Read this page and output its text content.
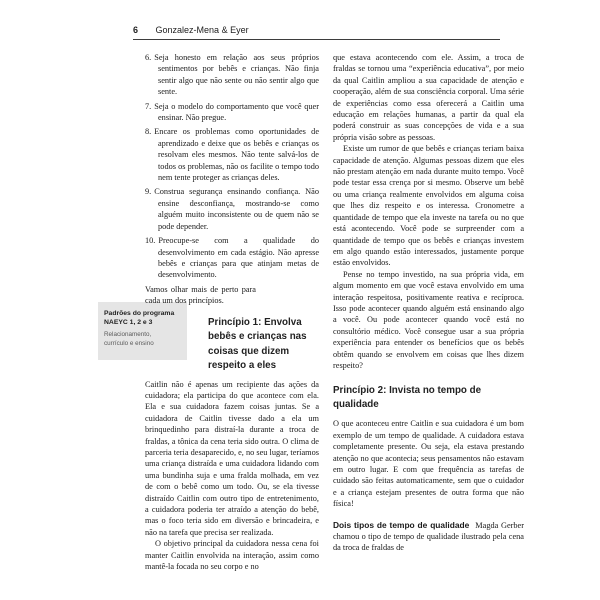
6 Gonzalez-Mena & Eyer
Padrões do programa NAEYC 1, 2 e 3
Relacionamento, currículo e ensino

6. Seja honesto em relação aos seus próprios sentimentos por bebês e crianças. Não finja sentir algo que não sente ou não sentir algo que sente.

7. Seja o modelo do comportamento que você quer ensinar. Não pregue.

8. Encare os problemas como oportunidades de aprendizado e deixe que os bebês e crianças os resolvam eles mesmos. Não tente salvá-los de todos os problemas, não os facilite o tempo todo nem tente proteger as crianças deles.

9. Construa segurança ensinando confiança. Não ensine desconfiança, mostrando-se como alguém muito inconsistente ou de quem não se pode depender.

10. Preocupe-se com a qualidade do desenvolvimento em cada estágio. Não apresse bebês e crianças para que atinjam metas de desenvolvimento.

Vamos olhar mais de perto para cada um dos princípios.

Princípio 1: Envolva bebês e crianças nas coisas que dizem respeito a eles

Caitlin não é apenas um recipiente das ações da cuidadora; ela participa do que acontece com ela. Ela e sua cuidadora fazem coisas juntas. Se a cuidadora de Caitlin tivesse dado a ela um brinquedinho para distraí-la durante a troca de fraldas, a tônica da cena teria sido outra. O clima de parceria teria desaparecido, e, no seu lugar, teríamos uma criança distraída e uma cuidadora lidando com uma bundinha suja e uma fralda molhada, em vez de com o bebê como um todo. Ou, se ela tivesse distraído Caitlin com outro tipo de entretenimento, a cuidadora poderia ter atraído a atenção do bebê, mas o foco teria sido em diversão e brincadeira, e não na tarefa que precisa ser realizada.

O objetivo principal da cuidadora nessa cena foi manter Caitlin envolvida na interação, assim como mantê-la focada no seu corpo e no

que estava acontecendo com ele. Assim, a troca de fraldas se tornou uma “experiência educativa”, por meio da qual Caitlin ampliou a sua capacidade de atenção e cooperação, além de sua consciência corporal. Uma série de experiências como essa oferecerá a Caitlin uma educação em relações humanas, a partir da qual ela poderá construir as suas concepções de vida e a sua própria visão sobre as pessoas.

Existe um rumor de que bebês e crianças teriam baixa capacidade de atenção. Algumas pessoas dizem que eles não prestam atenção em nada durante muito tempo. Você pode testar essa crença por si mesmo. Observe um bebê ou uma criança realmente envolvidos em alguma coisa que lhes diz respeito e os interessa. Cronometre a quantidade de tempo que ela investe na tarefa ou no que está acontecendo. Você pode se surpreender com a quantidade de tempo que os bebês e crianças investem em algo quando estão interessados, justamente porque estão envolvidos.

Pense no tempo investido, na sua própria vida, em algum momento em que você estava envolvido em uma interação respeitosa, positivamente reativa e recíproca. Isso pode acontecer quando alguém está ensinando algo a você. Ou pode acontecer quando você está no consultório médico. Você consegue usar a sua própria experiência para entender os benefícios que os bebês obtêm quando se envolvem em coisas que lhes dizem respeito?

Princípio 2: Invista no tempo de qualidade

O que aconteceu entre Caitlin e sua cuidadora é um bom exemplo de um tempo de qualidade. A cuidadora estava completamente presente. Ou seja, ela estava prestando atenção no que acontecia; seus pensamentos não estavam em outro lugar. E com que frequência as tarefas de cuidado são feitas automaticamente, sem que o cuidador e a criança estejam presentes de outra forma que não física!

Dois tipos de tempo de qualidade Magda Gerber chamou o tipo de tempo de qualidade ilustrado pela cena da troca de fraldas de
